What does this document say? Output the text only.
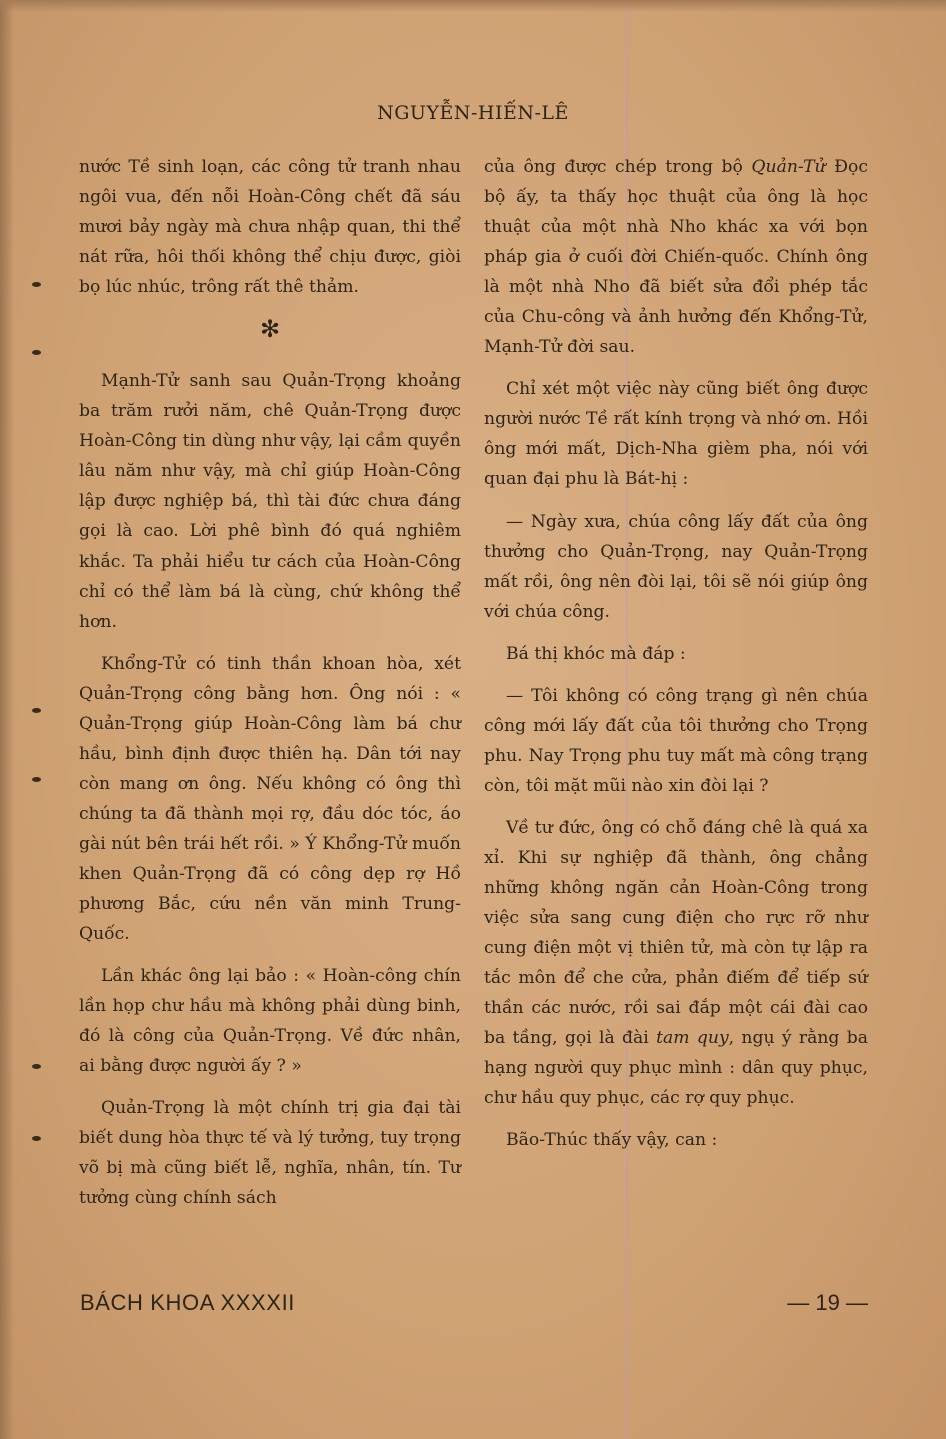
NGUYỄN-HIẾN-LÊ

nước Tề sinh loạn, các công tử tranh nhau ngôi vua, đến nỗi Hoàn-Công chết đã sáu mươi bảy ngày mà chưa nhập quan, thi thể nát rữa, hôi thối không thể chịu được, giòi bọ lúc nhúc, trông rất thê thảm.

✻

Mạnh-Tử sanh sau Quản-Trọng khoảng ba trăm rưởi năm, chê Quản-Trọng được Hoàn-Công tin dùng như vậy, lại cầm quyền lâu năm như vậy, mà chỉ giúp Hoàn-Công lập được nghiệp bá, thì tài đức chưa đáng gọi là cao. Lời phê bình đó quá nghiêm khắc. Ta phải hiểu tư cách của Hoàn-Công chỉ có thể làm bá là cùng, chứ không thể hơn.

Khổng-Tử có tinh thần khoan hòa, xét Quản-Trọng công bằng hơn. Ông nói : « Quản-Trọng giúp Hoàn-Công làm bá chư hầu, bình định được thiên hạ. Dân tới nay còn mang ơn ông. Nếu không có ông thì chúng ta đã thành mọi rợ, đầu dóc tóc, áo gài nút bên trái hết rồi. » Ý Khổng-Tử muốn khen Quản-Trọng đã có công dẹp rợ Hồ phương Bắc, cứu nền văn minh Trung-Quốc.

Lần khác ông lại bảo : « Hoàn-công chín lần họp chư hầu mà không phải dùng binh, đó là công của Quản-Trọng. Về đức nhân, ai bằng được người ấy ? »

Quản-Trọng là một chính trị gia đại tài biết dung hòa thực tế và lý tưởng, tuy trọng võ bị mà cũng biết lễ, nghĩa, nhân, tín. Tư tưởng cùng chính sách

của ông được chép trong bộ Quản-Tử Đọc bộ ấy, ta thấy học thuật của ông là học thuật của một nhà Nho khác xa với bọn pháp gia ở cuối đời Chiến-quốc. Chính ông là một nhà Nho đã biết sửa đổi phép tắc của Chu-công và ảnh hưởng đến Khổng-Tử, Mạnh-Tử đời sau.

Chỉ xét một việc này cũng biết ông được người nước Tề rất kính trọng và nhớ ơn. Hồi ông mới mất, Dịch-Nha gièm pha, nói với quan đại phu là Bát-hị :

— Ngày xưa, chúa công lấy đất của ông thưởng cho Quản-Trọng, nay Quản-Trọng mất rồi, ông nên đòi lại, tôi sẽ nói giúp ông với chúa công.

Bá thị khóc mà đáp :

— Tôi không có công trạng gì nên chúa công mới lấy đất của tôi thưởng cho Trọng phu. Nay Trọng phu tuy mất mà công trạng còn, tôi mặt mũi nào xin đòi lại ?

Về tư đức, ông có chỗ đáng chê là quá xa xỉ. Khi sự nghiệp đã thành, ông chẳng những không ngăn cản Hoàn-Công trong việc sửa sang cung điện cho rực rỡ như cung điện một vị thiên tử, mà còn tự lập ra tắc môn để che cửa, phản điếm để tiếp sứ thần các nước, rồi sai đắp một cái đài cao ba tầng, gọi là đài tam quy, ngụ ý rằng ba hạng người quy phục mình : dân quy phục, chư hầu quy phục, các rợ quy phục.

Bão-Thúc thấy vậy, can :

BÁCH KHOA XXXXII	— 19 —
